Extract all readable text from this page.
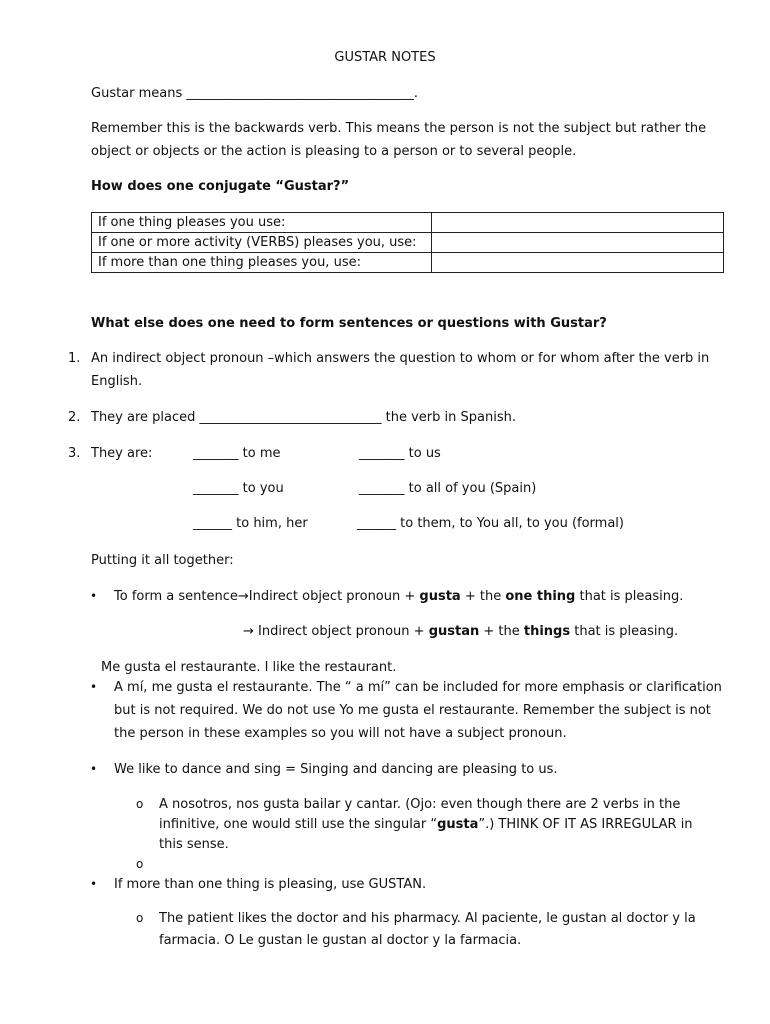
GUSTAR NOTES
Gustar means ___________________________________.
Remember this is the backwards verb. This means the person is not the subject but rather the
object or objects or the action is pleasing to a person or to several people.
How does one conjugate “Gustar?”
If one thing pleases you use:	
If one or more activity (VERBS) pleases you, use:	
If more than one thing pleases you, use:	
What else does one need to form sentences or questions with Gustar?
1. An indirect object pronoun –which answers the question to whom or for whom after the verb in
English.
2. They are placed ____________________________ the verb in Spanish.
3. They are:	_______ to me	_______ to us
_______ to you	_______ to all of you (Spain)
______ to him, her	______ to them, to You all, to you (formal)
Putting it all together:
• To form a sentence→Indirect object pronoun + gusta + the one thing that is pleasing.
→ Indirect object pronoun + gustan + the things that is pleasing.
Me gusta el restaurante. I like the restaurant.
• A mí, me gusta el restaurante. The “ a mí” can be included for more emphasis or clarification
but is not required. We do not use Yo me gusta el restaurante. Remember the subject is not
the person in these examples so you will not have a subject pronoun.
• We like to dance and sing = Singing and dancing are pleasing to us.
o A nosotros, nos gusta bailar y cantar. (Ojo: even though there are 2 verbs in the
infinitive, one would still use the singular “gusta”.) THINK OF IT AS IRREGULAR in
this sense.
o
• If more than one thing is pleasing, use GUSTAN.
o The patient likes the doctor and his pharmacy. Al paciente, le gustan al doctor y la
farmacia. O Le gustan le gustan al doctor y la farmacia.
